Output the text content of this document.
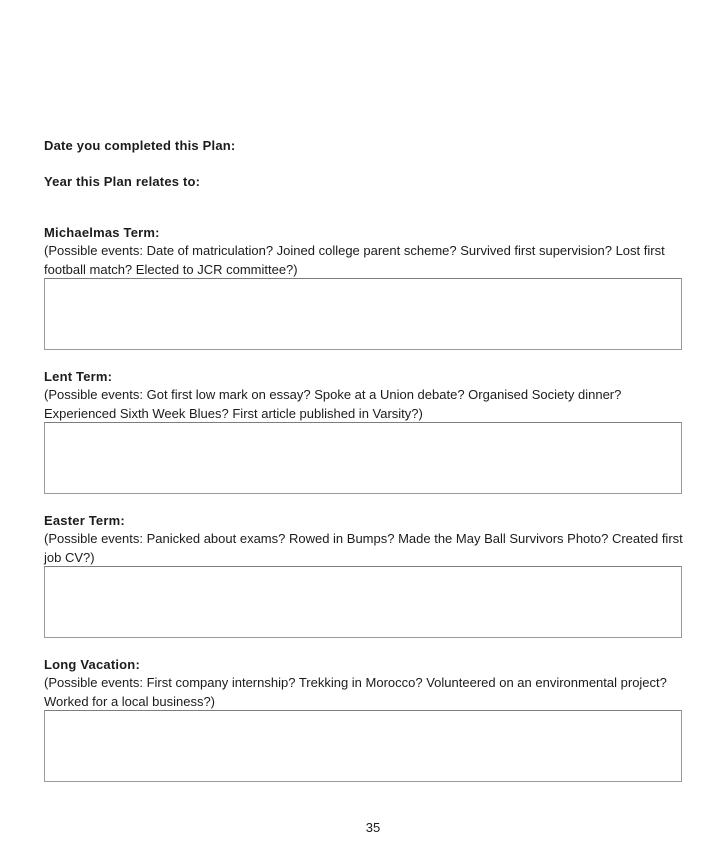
Date you completed this Plan:
Year this Plan relates to:

Michaelmas Term:

(Possible events: Date of matriculation? Joined college parent scheme? Survived first supervision? Lost first football match? Elected to JCR committee?)

Lent Term:

(Possible events: Got first low mark on essay? Spoke at a Union debate? Organised Society dinner? Experienced Sixth Week Blues? First article published in Varsity?)

Easter Term:

(Possible events: Panicked about exams? Rowed in Bumps? Made the May Ball Survivors Photo? Created first job CV?)

Long Vacation:

(Possible events: First company internship? Trekking in Morocco? Volunteered on an environmental project? Worked for a local business?)

35
